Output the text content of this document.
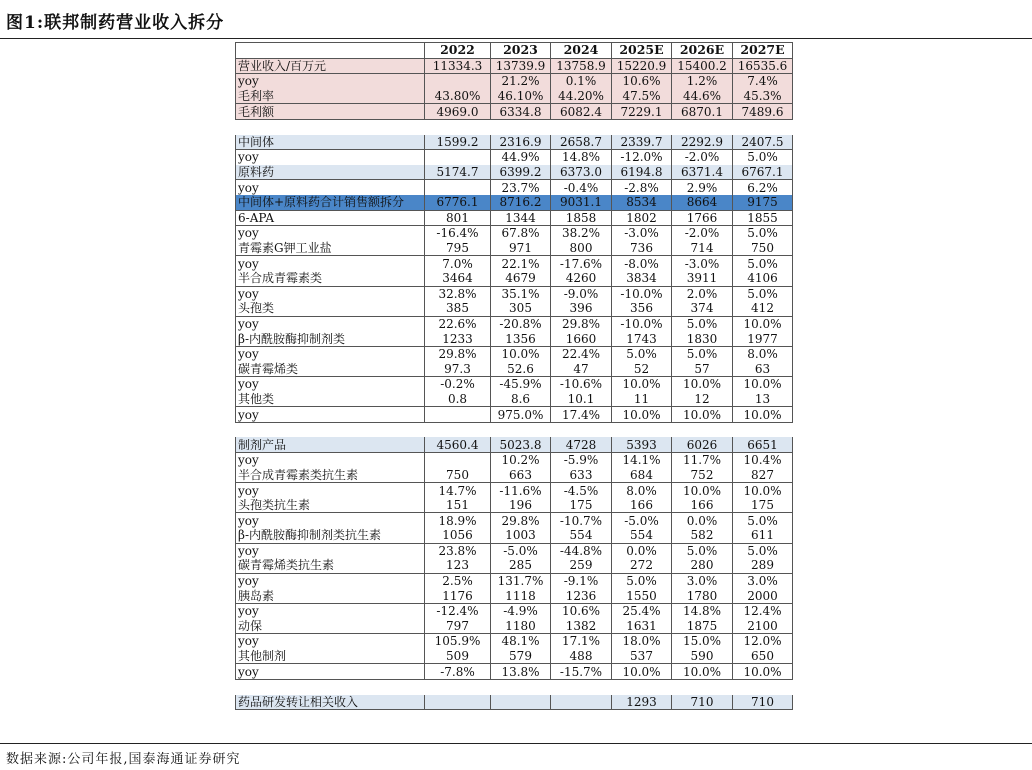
图1:联邦制药营业收入拆分
	2022	2023	2024	2025E	2026E	2027E
营业收入/百万元	11334.3	13739.9	13758.9	15220.9	15400.2	16535.6
yoy		21.2%	0.1%	10.6%	1.2%	7.4%
毛利率	43.80%	46.10%	44.20%	47.5%	44.6%	45.3%
毛利额	4969.0	6334.8	6082.4	7229.1	6870.1	7489.6

中间体	1599.2	2316.9	2658.7	2339.7	2292.9	2407.5
yoy		44.9%	14.8%	-12.0%	-2.0%	5.0%
原料药	5174.7	6399.2	6373.0	6194.8	6371.4	6767.1
yoy		23.7%	-0.4%	-2.8%	2.9%	6.2%
中间体+原料药合计销售额拆分	6776.1	8716.2	9031.1	8534	8664	9175
6-APA	801	1344	1858	1802	1766	1855
yoy	-16.4%	67.8%	38.2%	-3.0%	-2.0%	5.0%
青霉素G钾工业盐	795	971	800	736	714	750
yoy	7.0%	22.1%	-17.6%	-8.0%	-3.0%	5.0%
半合成青霉素类	3464	4679	4260	3834	3911	4106
yoy	32.8%	35.1%	-9.0%	-10.0%	2.0%	5.0%
头孢类	385	305	396	356	374	412
yoy	22.6%	-20.8%	29.8%	-10.0%	5.0%	10.0%
β-内酰胺酶抑制剂类	1233	1356	1660	1743	1830	1977
yoy	29.8%	10.0%	22.4%	5.0%	5.0%	8.0%
碳青霉烯类	97.3	52.6	47	52	57	63
yoy	-0.2%	-45.9%	-10.6%	10.0%	10.0%	10.0%
其他类	0.8	8.6	10.1	11	12	13
yoy		975.0%	17.4%	10.0%	10.0%	10.0%

制剂产品	4560.4	5023.8	4728	5393	6026	6651
yoy		10.2%	-5.9%	14.1%	11.7%	10.4%
半合成青霉素类抗生素	750	663	633	684	752	827
yoy	14.7%	-11.6%	-4.5%	8.0%	10.0%	10.0%
头孢类抗生素	151	196	175	166	166	175
yoy	18.9%	29.8%	-10.7%	-5.0%	0.0%	5.0%
β-内酰胺酶抑制剂类抗生素	1056	1003	554	554	582	611
yoy	23.8%	-5.0%	-44.8%	0.0%	5.0%	5.0%
碳青霉烯类抗生素	123	285	259	272	280	289
yoy	2.5%	131.7%	-9.1%	5.0%	3.0%	3.0%
胰岛素	1176	1118	1236	1550	1780	2000
yoy	-12.4%	-4.9%	10.6%	25.4%	14.8%	12.4%
动保	797	1180	1382	1631	1875	2100
yoy	105.9%	48.1%	17.1%	18.0%	15.0%	12.0%
其他制剂	509	579	488	537	590	650
yoy	-7.8%	13.8%	-15.7%	10.0%	10.0%	10.0%

药品研发转让相关收入				1293	710	710
数据来源:公司年报,国泰海通证券研究
